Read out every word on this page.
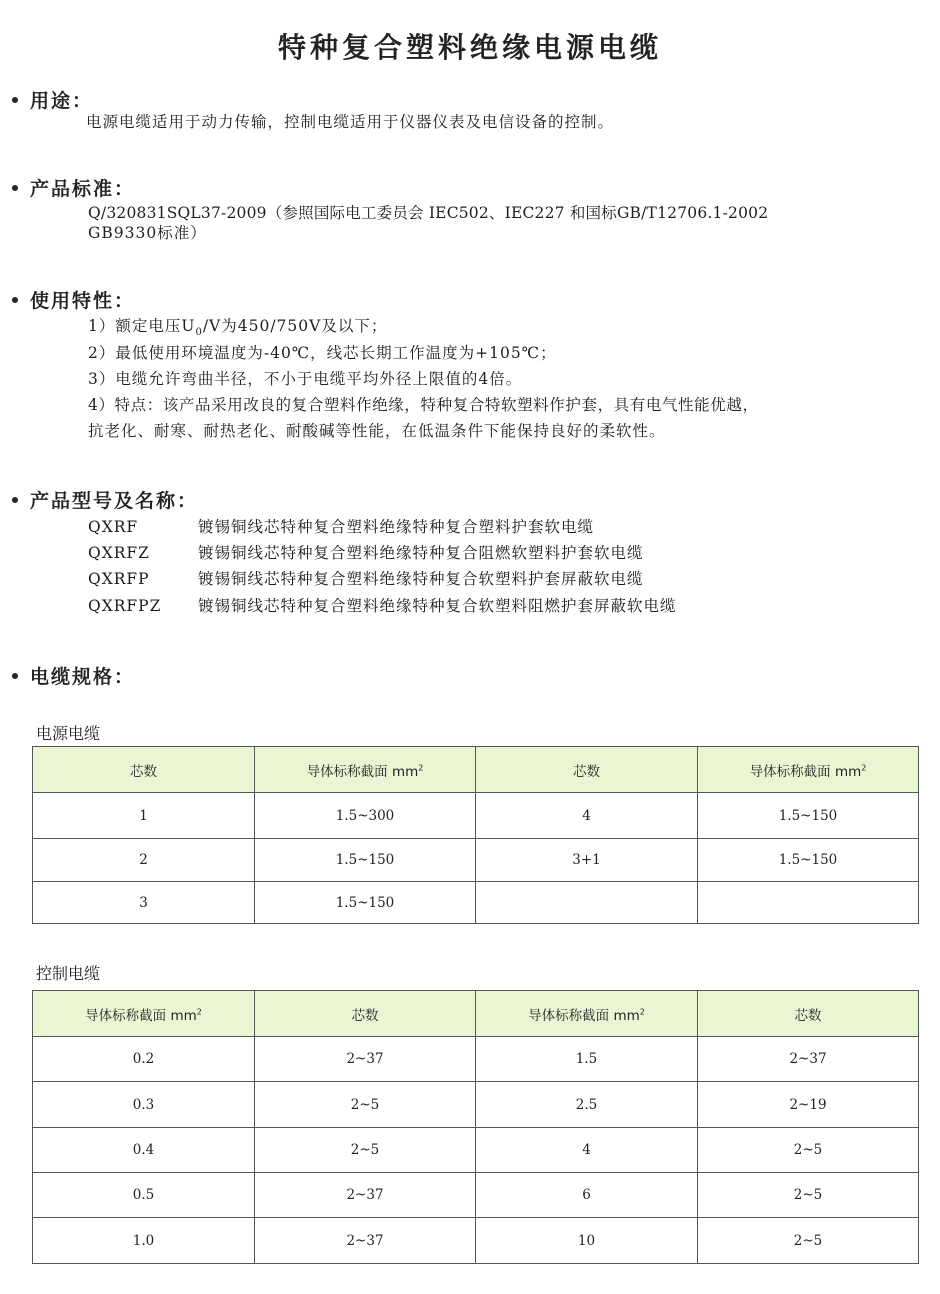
特种复合塑料绝缘电源电缆
用途：
电源电缆适用于动力传输，控制电缆适用于仪器仪表及电信设备的控制。
产品标准：
Q/320831SQL37-2009（参照国际电工委员会 IEC502、IEC227 和国标GB/T12706.1-2002
GB9330标准）
使用特性：
1）额定电压$U_0/V$为450/750V及以下；
2）最低使用环境温度为-40℃，线芯长期工作温度为+105℃；
3）电缆允许弯曲半径，不小于电缆平均外径上限值的4倍。
4）特点：该产品采用改良的复合塑料作绝缘，特种复合特软塑料作护套，具有电气性能优越，
抗老化、耐寒、耐热老化、耐酸碱等性能，在低温条件下能保持良好的柔软性。
产品型号及名称：
QXRF	镀锡铜线芯特种复合塑料绝缘特种复合塑料护套软电缆
QXRFZ	镀锡铜线芯特种复合塑料绝缘特种复合阻燃软塑料护套软电缆
QXRFP	镀锡铜线芯特种复合塑料绝缘特种复合软塑料护套屏蔽软电缆
QXRFPZ 镀锡铜线芯特种复合塑料绝缘特种复合软塑料阻燃护套屏蔽软电缆
电缆规格：
电源电缆
芯数	导体标称截面 $mm^2$	芯数	导体标称截面 $mm^2$
1	1.5~300	4	1.5~150
2	1.5~150	3+1	1.5~150
3	1.5~150		
控制电缆
导体标称截面 $mm^2$	芯数	导体标称截面 $mm^2$	芯数
0.2	2~37	1.5	2~37
0.3	2~5	2.5	2~19
0.4	2~5	4	2~5
0.5	2~37	6	2~5
1.0	2~37	10	2~5
